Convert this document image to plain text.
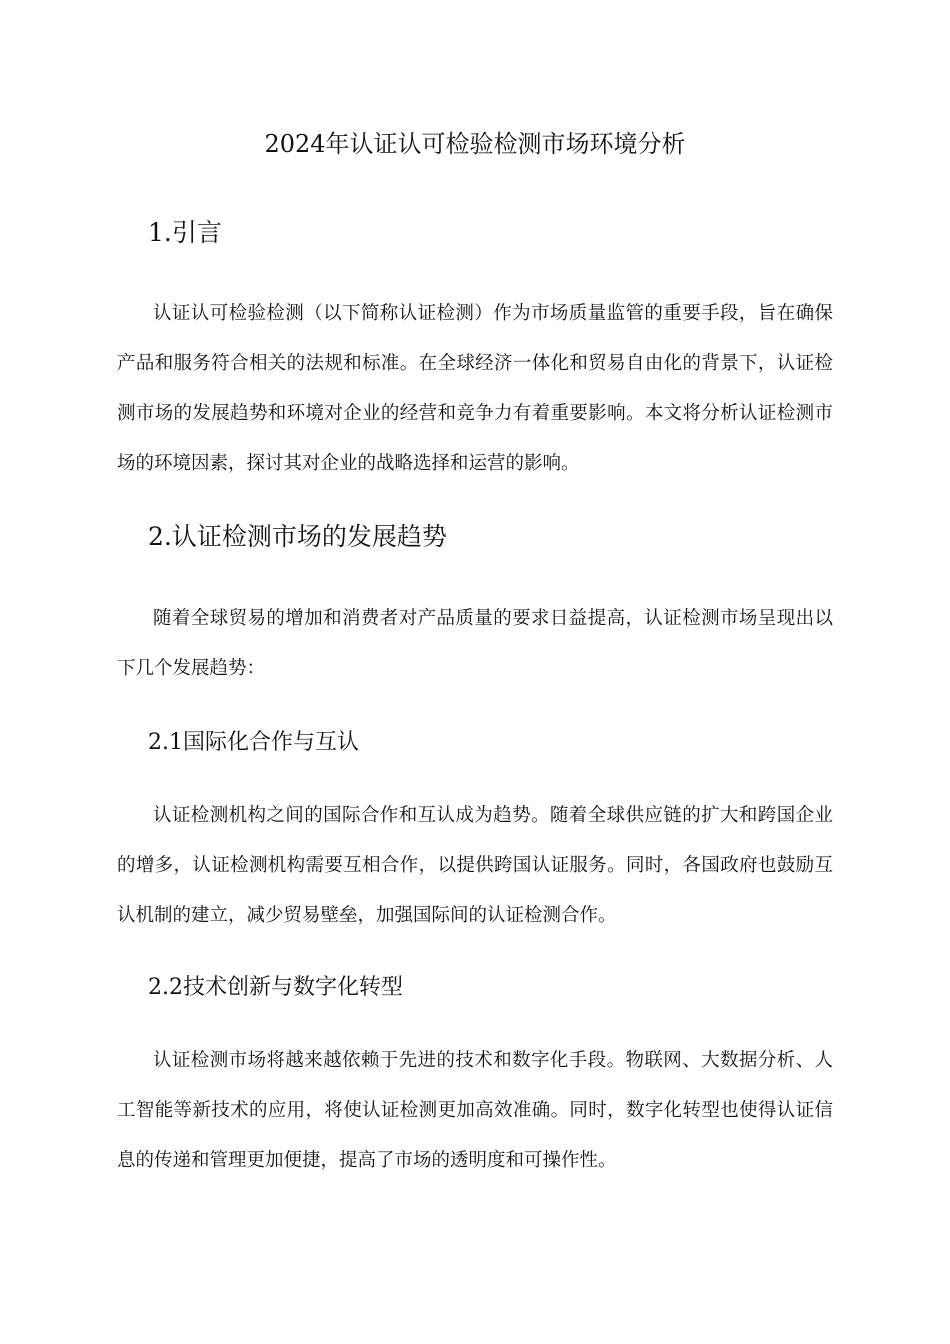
2024年认证认可检验检测市场环境分析
1.引言

认证认可检验检测（以下简称认证检测）作为市场质量监管的重要手段，旨在确保产品和服务符合相关的法规和标准。在全球经济一体化和贸易自由化的背景下，认证检测市场的发展趋势和环境对企业的经营和竞争力有着重要影响。本文将分析认证检测市场的环境因素，探讨其对企业的战略选择和运营的影响。

2.认证检测市场的发展趋势

随着全球贸易的增加和消费者对产品质量的要求日益提高，认证检测市场呈现出以下几个发展趋势：

2.1国际化合作与互认

认证检测机构之间的国际合作和互认成为趋势。随着全球供应链的扩大和跨国企业的增多，认证检测机构需要互相合作，以提供跨国认证服务。同时，各国政府也鼓励互认机制的建立，减少贸易壁垒，加强国际间的认证检测合作。

2.2技术创新与数字化转型

认证检测市场将越来越依赖于先进的技术和数字化手段。物联网、大数据分析、人工智能等新技术的应用，将使认证检测更加高效准确。同时，数字化转型也使得认证信息的传递和管理更加便捷，提高了市场的透明度和可操作性。
